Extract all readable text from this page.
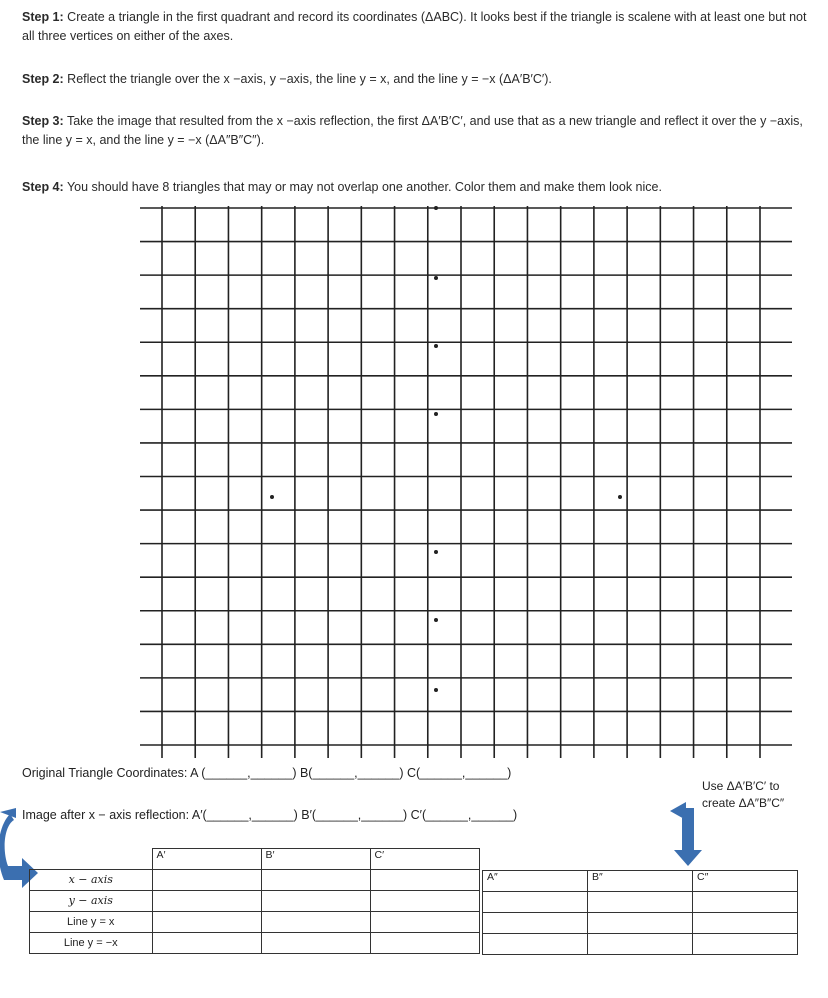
Step 1: Create a triangle in the first quadrant and record its coordinates (ΔABC). It looks best if the triangle is scalene with at least one but not all three vertices on either of the axes.
Step 2: Reflect the triangle over the x −axis, y −axis, the line y = x, and the line y = −x (ΔA′B′C′).
Step 3: Take the image that resulted from the x −axis reflection, the first ΔA′B′C′, and use that as a new triangle and reflect it over the y −axis, the line y = x, and the line y = −x (ΔA″B″C″).
Step 4: You should have 8 triangles that may or may not overlap one another. Color them and make them look nice.
Original Triangle Coordinates: A (______,______) B(______,______) C(______,______)
Image after x − axis reflection: A′(______,______) B′(______,______) C′(______,______)
Use ΔA′B′C′ to
create ΔA″B″C″
	A′	B′	C′
x − axis			
y − axis			
Line y = x			
Line y = −x			
A″	B″	C″
